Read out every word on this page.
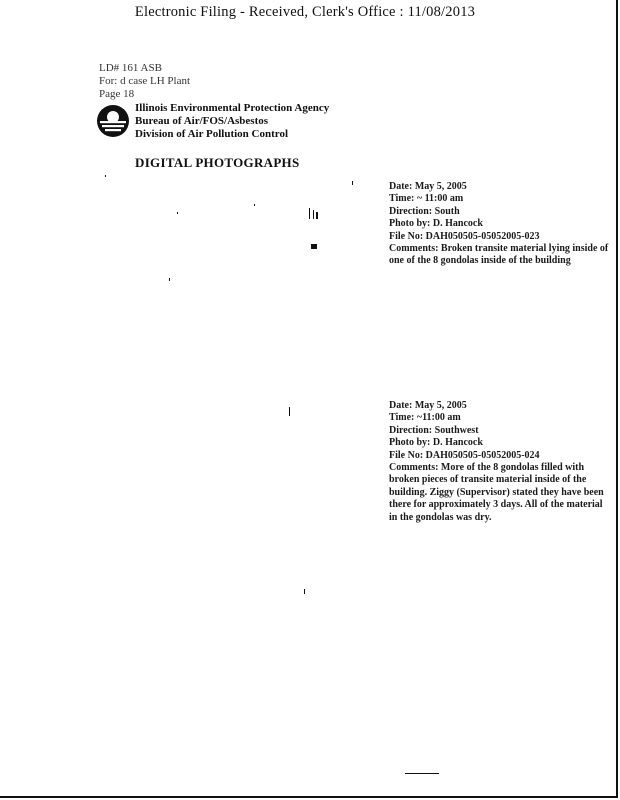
Electronic Filing - Received, Clerk's Office : 11/08/2013
LD# 161 ASB
For: d case LH Plant
Page 18
Illinois Environmental Protection Agency
Bureau of Air/FOS/Asbestos
Division of Air Pollution Control
DIGITAL PHOTOGRAPHS
Date: May 5, 2005
Time: ~ 11:00 am
Direction: South
Photo by: D. Hancock
File No: DAH050505-05052005-023
Comments: Broken transite material lying inside of one of the 8 gondolas inside of the building
Date: May 5, 2005
Time: ~11:00 am
Direction: Southwest
Photo by: D. Hancock
File No: DAH050505-05052005-024
Comments: More of the 8 gondolas filled with broken pieces of transite material inside of the building. Ziggy (Supervisor) stated they have been there for approximately 3 days. All of the material in the gondolas was dry.
